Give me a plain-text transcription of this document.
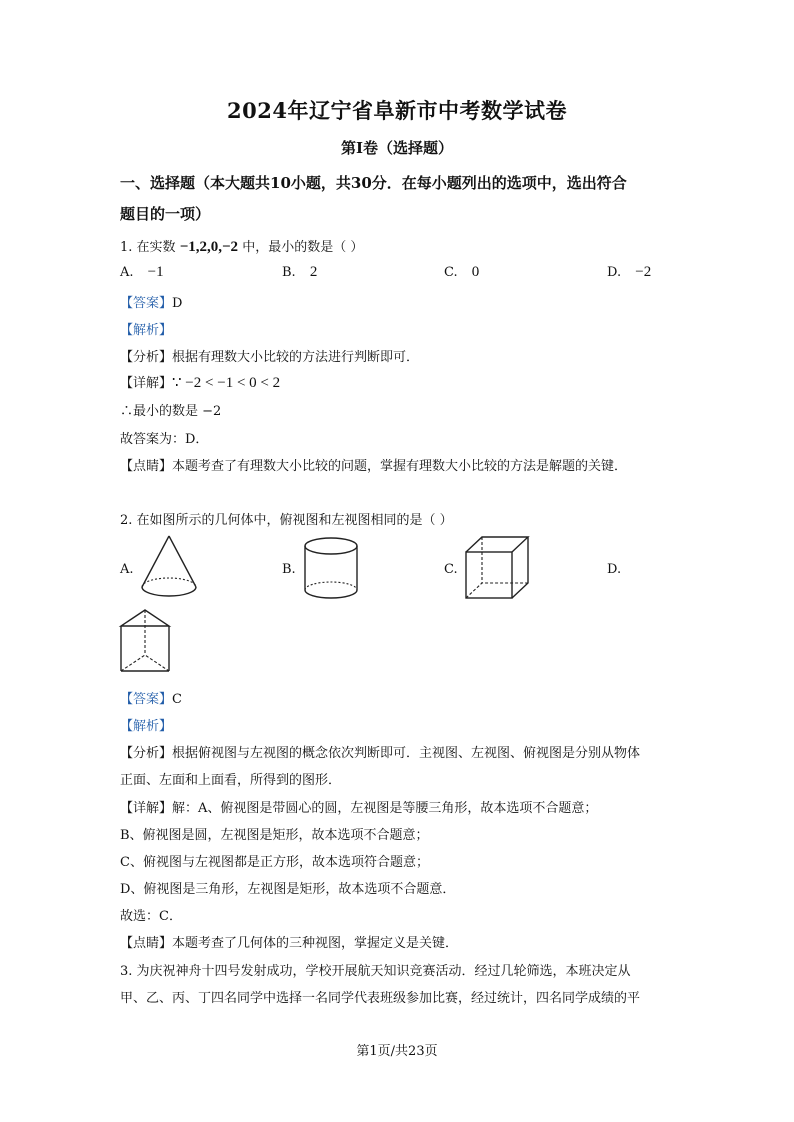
2024年辽宁省阜新市中考数学试卷
第Ⅰ卷（选择题）
一、选择题（本大题共10小题，共30分．在每小题列出的选项中，选出符合
题目的一项）
1. 在实数 −1,2,0,−2 中，最小的数是（ ）
A. −1	B. 2	C. 0	D. −2
【答案】D
【解析】
【分析】根据有理数大小比较的方法进行判断即可．
【详解】∵ −2 < −1 < 0 < 2
∴最小的数是 −2
故答案为：D．
【点睛】本题考查了有理数大小比较的问题，掌握有理数大小比较的方法是解题的关键．
2. 在如图所示的几何体中，俯视图和左视图相同的是（ ）
A.	B.	C.	D.
【答案】C
【解析】
【分析】根据俯视图与左视图的概念依次判断即可．主视图、左视图、俯视图是分别从物体
正面、左面和上面看，所得到的图形．
【详解】解：A、俯视图是带圆心的圆，左视图是等腰三角形，故本选项不合题意；
B、俯视图是圆，左视图是矩形，故本选项不合题意；
C、俯视图与左视图都是正方形，故本选项符合题意；
D、俯视图是三角形，左视图是矩形，故本选项不合题意．
故选：C．
【点睛】本题考查了几何体的三种视图，掌握定义是关键．
3. 为庆祝神舟十四号发射成功，学校开展航天知识竞赛活动．经过几轮筛选，本班决定从
甲、乙、丙、丁四名同学中选择一名同学代表班级参加比赛，经过统计，四名同学成绩的平
第1页/共23页
